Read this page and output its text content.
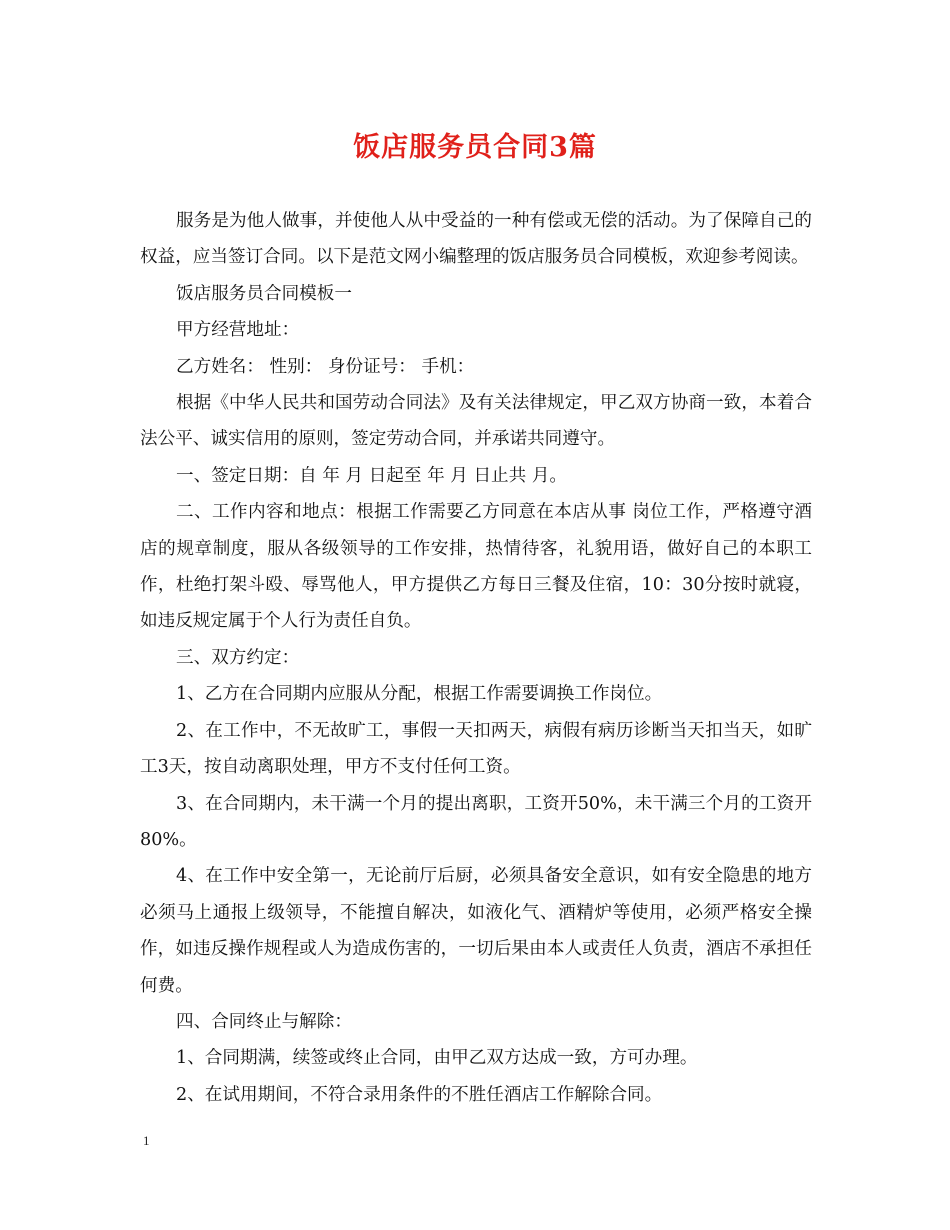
饭店服务员合同3篇

服务是为他人做事，并使他人从中受益的一种有偿或无偿的活动。为了保障自己的权益，应当签订合同。以下是范文网小编整理的饭店服务员合同模板，欢迎参考阅读。

饭店服务员合同模板一

甲方经营地址：

乙方姓名： 性别： 身份证号： 手机：

根据《中华人民共和国劳动合同法》及有关法律规定，甲乙双方协商一致，本着合法公平、诚实信用的原则，签定劳动合同，并承诺共同遵守。

一、签定日期：自 年 月 日起至 年 月 日止共 月。

二、工作内容和地点：根据工作需要乙方同意在本店从事 岗位工作，严格遵守酒店的规章制度，服从各级领导的工作安排，热情待客，礼貌用语，做好自己的本职工作，杜绝打架斗殴、辱骂他人，甲方提供乙方每日三餐及住宿，10：30分按时就寝，如违反规定属于个人行为责任自负。

三、双方约定：

1、乙方在合同期内应服从分配，根据工作需要调换工作岗位。

2、在工作中，不无故旷工，事假一天扣两天，病假有病历诊断当天扣当天，如旷工3天，按自动离职处理，甲方不支付任何工资。

3、在合同期内，未干满一个月的提出离职，工资开50%，未干满三个月的工资开80%。

4、在工作中安全第一，无论前厅后厨，必须具备安全意识，如有安全隐患的地方必须马上通报上级领导，不能擅自解决，如液化气、酒精炉等使用，必须严格安全操作，如违反操作规程或人为造成伤害的，一切后果由本人或责任人负责，酒店不承担任何费。

四、合同终止与解除：

1、合同期满，续签或终止合同，由甲乙双方达成一致，方可办理。

2、在试用期间，不符合录用条件的不胜任酒店工作解除合同。

1
